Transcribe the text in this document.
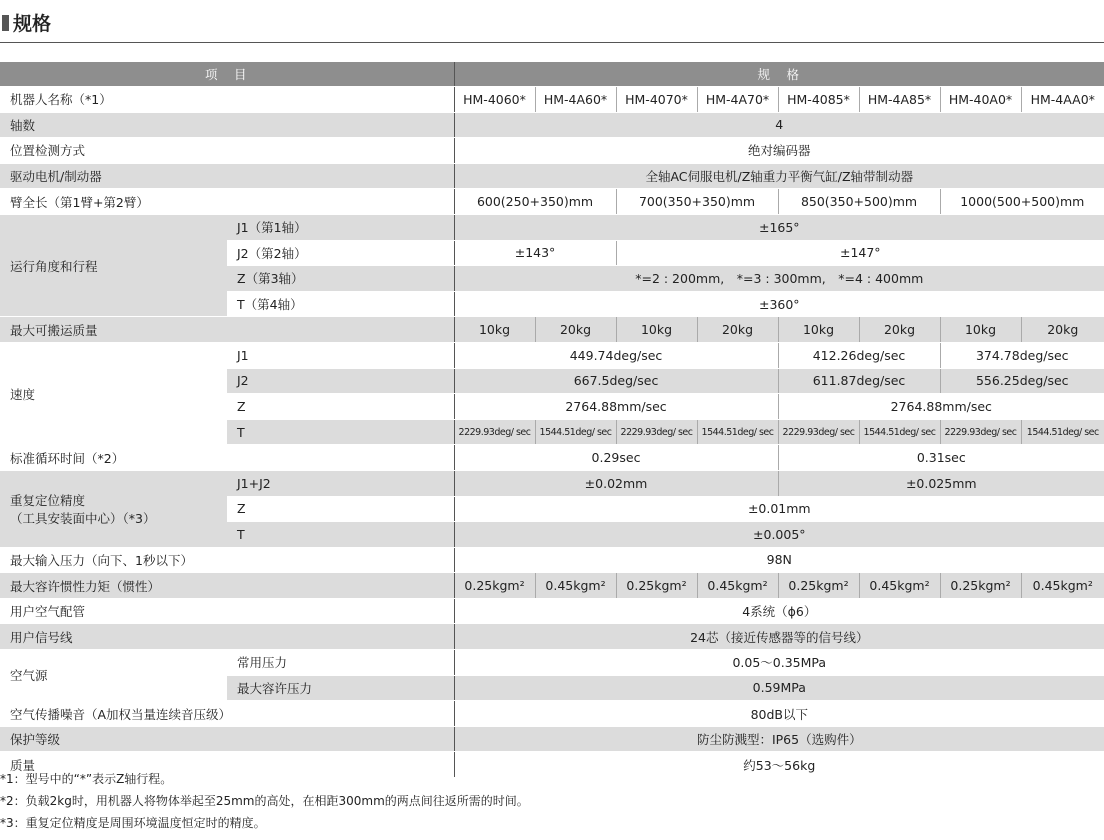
规格
项　目		规　格							
机器人名称（*1）		HM-4060*	HM-4A60*	HM-4070*	HM-4A70*	HM-4085*	HM-4A85*	HM-40A0*	HM-4AA0*
轴数		4							
位置检测方式		绝对编码器							
驱动电机/制动器		全轴AC伺服电机/Z轴重力平衡气缸/Z轴带制动器							
臂全长（第1臂+第2臂）		600(250+350)mm		700(350+350)mm		850(350+500)mm		1000(500+500)mm	
运行角度和行程	J1（第1轴）	±165°							
	J2（第2轴）	±143°		±147°					
	Z（第3轴）	*=2 : 200mm,　*=3 : 300mm,　*=4 : 400mm							
	T（第4轴）	±360°							
最大可搬运质量		10kg	20kg	10kg	20kg	10kg	20kg	10kg	20kg
速度	J1	449.74deg/sec				412.26deg/sec		374.78deg/sec	
	J2	667.5deg/sec				611.87deg/sec		556.25deg/sec	
	Z	2764.88mm/sec				2764.88mm/sec			
	T	2229.93deg/ sec	1544.51deg/ sec	2229.93deg/ sec	1544.51deg/ sec	2229.93deg/ sec	1544.51deg/ sec	2229.93deg/ sec	1544.51deg/ sec
标准循环时间（*2）		0.29sec				0.31sec			

重复定位精度
（工具安装面中心）（*3）	J1+J2	±0.02mm				±0.025mm			
	Z	±0.01mm							
	T	±0.005°							
最大输入压力（向下、1秒以下）		98N							
最大容许惯性力矩（惯性）		0.25kgm²	0.45kgm²	0.25kgm²	0.45kgm²	0.25kgm²	0.45kgm²	0.25kgm²	0.45kgm²
用户空气配管		4系统（ϕ6）							
用户信号线		24芯（接近传感器等的信号线）							
空气源	常用压力	0.05～0.35MPa							
	最大容许压力	0.59MPa							
空气传播噪音（A加权当量连续音压级）		80dB以下							
保护等级		防尘防溅型：IP65（选购件）							
质量		约53～56kg							
*1：型号中的“*”表示Z轴行程。
*2：负载2kg时，用机器人将物体举起至25mm的高处，在相距300mm的两点间往返所需的时间。
*3：重复定位精度是周围环境温度恒定时的精度。
